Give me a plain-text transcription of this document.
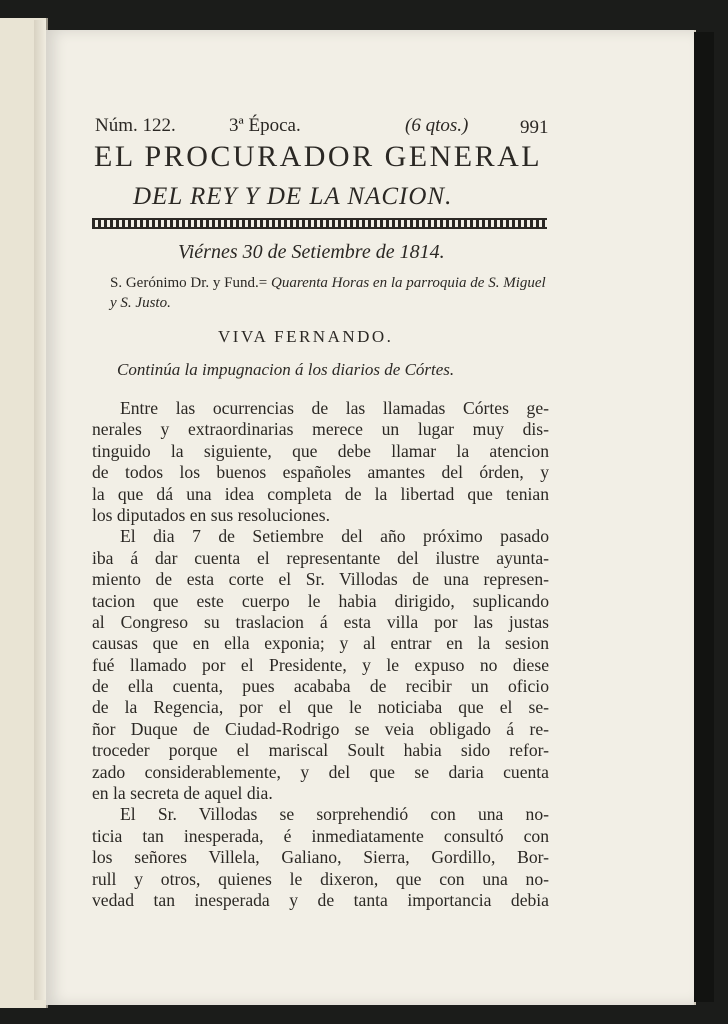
Núm. 122.	3ª Época.	(6 qtos.)	991
EL PROCURADOR GENERAL
DEL REY Y DE LA NACION.
Viérnes 30 de Setiembre de 1814.
S. Gerónimo Dr. y Fund.= Quarenta Horas en la parroquia de S. Miguel y S. Justo.
VIVA FERNANDO.
Continúa la impugnacion á los diarios de Córtes.
Entre las ocurrencias de las llamadas Córtes ge-
nerales y extraordinarias merece un lugar muy dis-
tinguido la siguiente, que debe llamar la atencion
de todos los buenos españoles amantes del órden, y
la que dá una idea completa de la libertad que tenian
los diputados en sus resoluciones.
El dia 7 de Setiembre del año próximo pasado
iba á dar cuenta el representante del ilustre ayunta-
miento de esta corte el Sr. Villodas de una represen-
tacion que este cuerpo le habia dirigido, suplicando
al Congreso su traslacion á esta villa por las justas
causas que en ella exponia; y al entrar en la sesion
fué llamado por el Presidente, y le expuso no diese
de ella cuenta, pues acababa de recibir un oficio
de la Regencia, por el que le noticiaba que el se-
ñor Duque de Ciudad-Rodrigo se veia obligado á re-
troceder porque el mariscal Soult habia sido refor-
zado considerablemente, y del que se daria cuenta
en la secreta de aquel dia.
El Sr. Villodas se sorprehendió con una no-
ticia tan inesperada, é inmediatamente consultó con
los señores Villela, Galiano, Sierra, Gordillo, Bor-
rull y otros, quienes le dixeron, que con una no-
vedad tan inesperada y de tanta importancia debia
